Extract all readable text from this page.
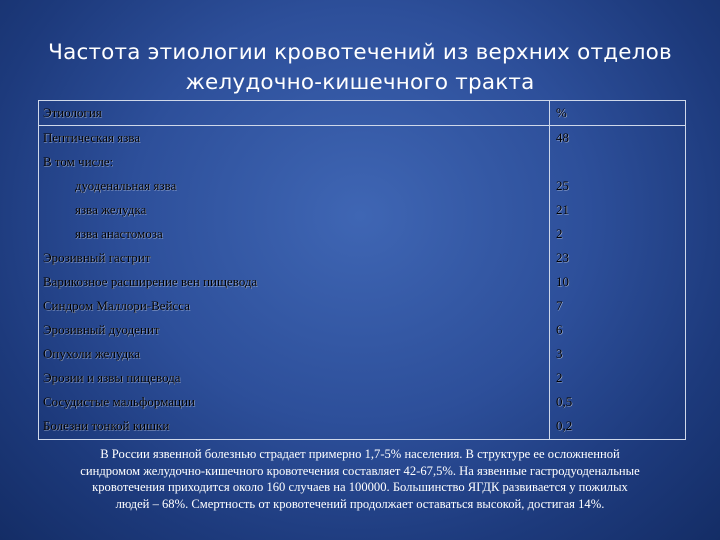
Частота этиологии кровотечений из верхних отделов
желудочно-кишечного тракта
Этиология	%
Пептическая язва	48
В том числе:
дуоденальная язва	25
язва желудка	21
язва анастомоза	2
Эрозивный гастрит	23
Варикозное расширение вен пищевода	10
Синдром Маллори-Вейсса	7
Эрозивный дуоденит	6
Опухоли желудка	3
Эрозии и язвы пищевода	2
Сосудистые мальформации	0,5
Болезни тонкой кишки	0,2
В России язвенной болезнью страдает примерно 1,7-5% населения. В структуре ее осложненной
синдромом желудочно-кишечного кровотечения составляет 42-67,5%. На язвенные гастродуоденальные
кровотечения приходится около 160 случаев на 100000. Большинство ЯГДК развивается у пожилых
людей – 68%. Смертность от кровотечений продолжает оставаться высокой, достигая 14%.
